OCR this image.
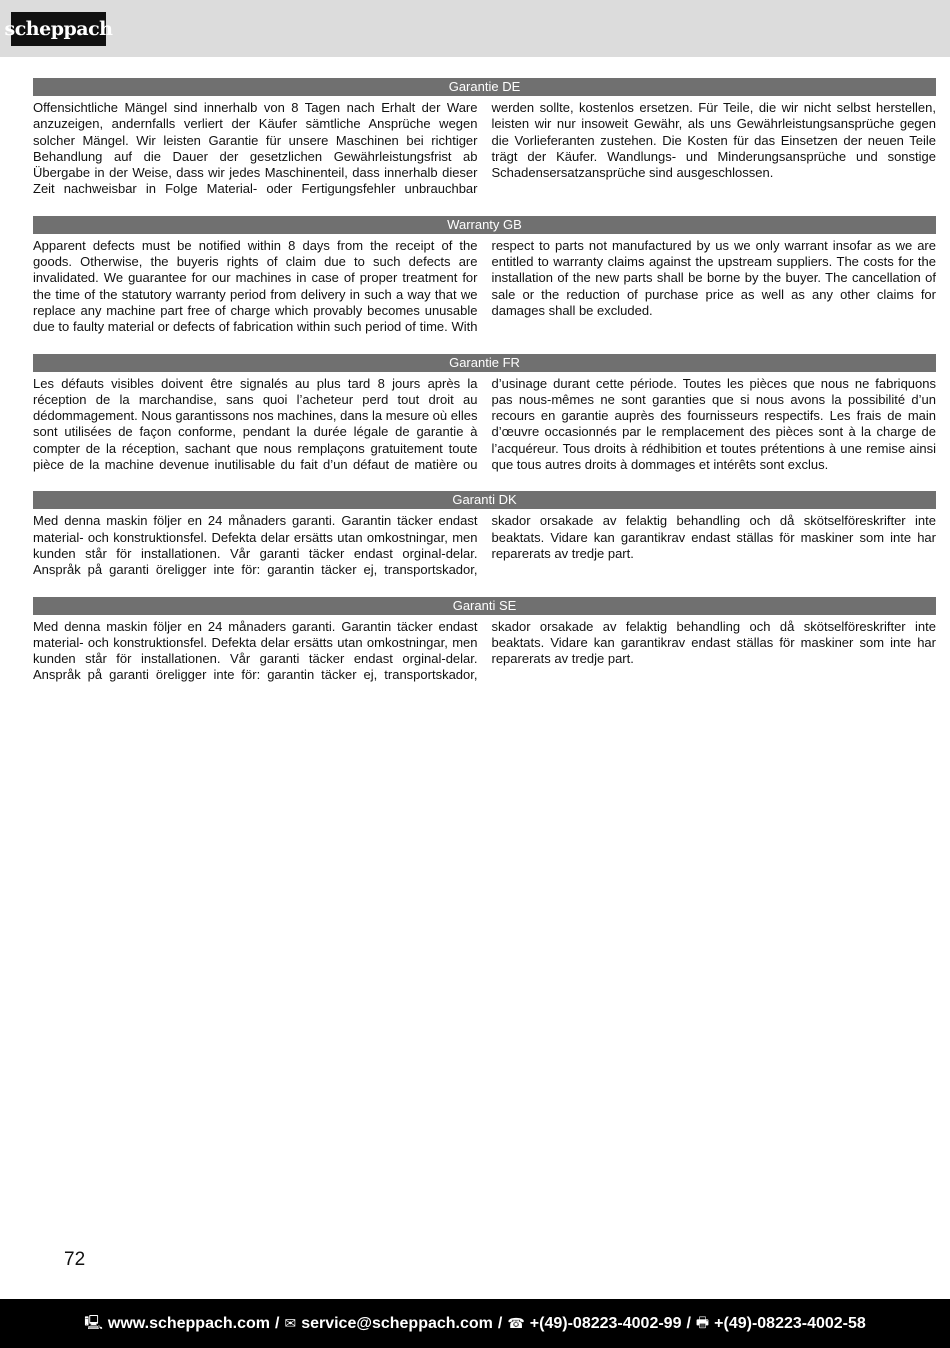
scheppach
Garantie DE
Offensichtliche Mängel sind innerhalb von 8 Tagen nach Erhalt der Ware anzuzeigen, andernfalls verliert der Käufer sämtliche Ansprüche wegen solcher Mängel. Wir leisten Garantie für unsere Maschinen bei richtiger Behandlung auf die Dauer der gesetzlichen Gewährleistungsfrist ab Übergabe in der Weise, dass wir jedes Maschinenteil, dass innerhalb dieser Zeit nachweisbar in Folge Material- oder Fertigungsfehler unbrauchbar werden sollte, kostenlos ersetzen. Für Teile, die wir nicht selbst herstellen, leisten wir nur insoweit Gewähr, als uns Gewährleistungsansprüche gegen die Vorlieferanten zustehen. Die Kosten für das Einsetzen der neuen Teile trägt der Käufer. Wandlungs- und Minderungsansprüche und sonstige Schadensersatzansprüche sind ausgeschlossen.
Warranty GB
Apparent defects must be notified within 8 days from the receipt of the goods. Otherwise, the buyeris rights of claim due to such defects are invalidated. We guarantee for our machines in case of proper treatment for the time of the statutory warranty period from delivery in such a way that we replace any machine part free of charge which provably becomes unusable due to faulty material or defects of fabrication within such period of time. With respect to parts not manufactured by us we only warrant insofar as we are entitled to warranty claims against the upstream suppliers. The costs for the installation of the new parts shall be borne by the buyer. The cancellation of sale or the reduction of purchase price as well as any other claims for damages shall be excluded.
Garantie FR
Les défauts visibles doivent être signalés au plus tard 8 jours après la réception de la marchandise, sans quoi l’acheteur perd tout droit au dédommagement. Nous garantissons nos machines, dans la mesure où elles sont utilisées de façon conforme, pendant la durée légale de garantie à compter de la réception, sachant que nous remplaçons gratuitement toute pièce de la machine devenue inutilisable du fait d’un défaut de matière ou d’usinage durant cette période. Toutes les pièces que nous ne fabriquons pas nous-mêmes ne sont garanties que si nous avons la possibilité d’un recours en garantie auprès des fournisseurs respectifs. Les frais de main d’œuvre occasionnés par le remplacement des pièces sont à la charge de l’acquéreur. Tous droits à rédhibition et toutes prétentions à une remise ainsi que tous autres droits à dommages et intérêts sont exclus.
Garanti DK
Med denna maskin följer en 24 månaders garanti. Garantin täcker endast material- och konstruktionsfel. Defekta delar ersätts utan omkostningar, men kunden står för installationen. Vår garanti täcker endast orginal-delar. Anspråk på garanti öreligger inte för: garantin täcker ej, transportskador, skador orsakade av felaktig behandling och då skötselföreskrifter inte beaktats. Vidare kan garantikrav endast ställas för maskiner som inte har reparerats av tredje part.
Garanti SE
Med denna maskin följer en 24 månaders garanti. Garantin täcker endast material- och konstruktionsfel. Defekta delar ersätts utan omkostningar, men kunden står för installationen. Vår garanti täcker endast orginal-delar. Anspråk på garanti öreligger inte för: garantin täcker ej, transportskador, skador orsakade av felaktig behandling och då skötselföreskrifter inte beaktats. Vidare kan garantikrav endast ställas för maskiner som inte har reparerats av tredje part.
72
🖳 www.scheppach.com / ✉ service@scheppach.com / ☎ +(49)-08223-4002-99 / 🖶 +(49)-08223-4002-58
